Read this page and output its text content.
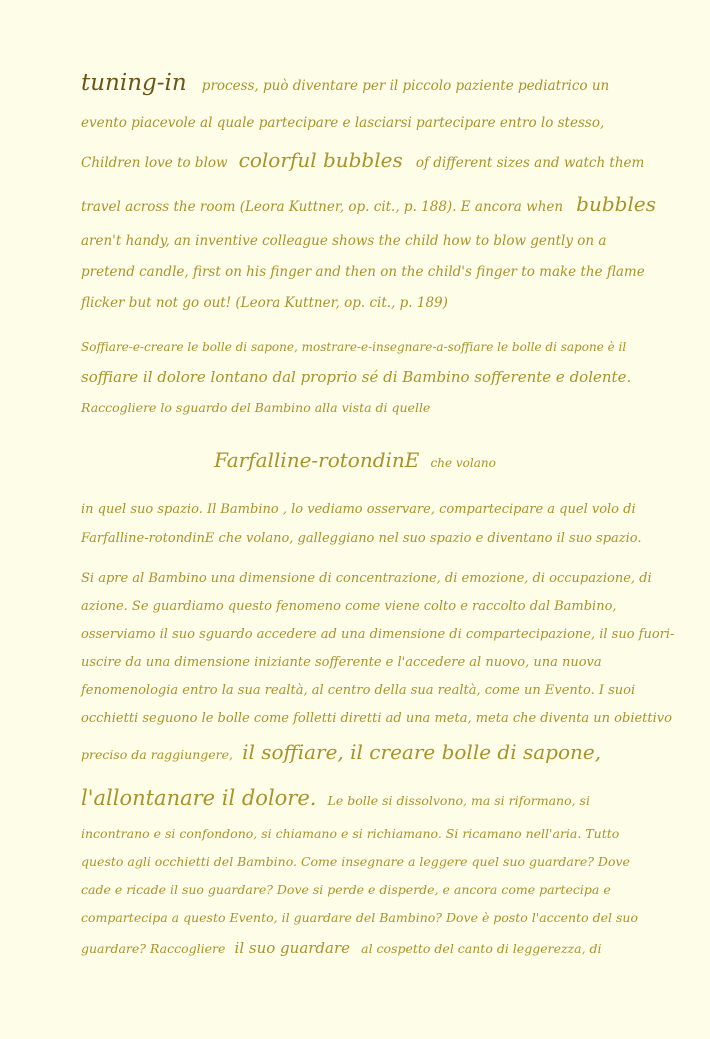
tuning-in process, può diventare per il piccolo paziente pediatrico un
evento piacevole al quale partecipare e lasciarsi partecipare entro lo stesso,
Children love to blow colorful bubbles of different sizes and watch them
travel across the room (Leora Kuttner, op. cit., p. 188). E ancora when bubbles
aren't handy, an inventive colleague shows the child how to blow gently on a
pretend candle, first on his finger and then on the child's finger to make the flame
flicker but not go out! (Leora Kuttner, op. cit., p. 189)
Soffiare-e-creare le bolle di sapone, mostrare-e-insegnare-a-soffiare le bolle di sapone è il
soffiare il dolore lontano dal proprio sé di Bambino sofferente e dolente.
Raccogliere lo sguardo del Bambino alla vista di quelle
Farfalline-rotondinE che volano
in quel suo spazio. Il Bambino , lo vediamo osservare, compartecipare a quel volo di
Farfalline-rotondinE che volano, galleggiano nel suo spazio e diventano il suo spazio.
Si apre al Bambino una dimensione di concentrazione, di emozione, di occupazione, di
azione. Se guardiamo questo fenomeno come viene colto e raccolto dal Bambino,
osserviamo il suo sguardo accedere ad una dimensione di compartecipazione, il suo fuori-
uscire da una dimensione iniziante sofferente e l'accedere al nuovo, una nuova
fenomenologia entro la sua realtà, al centro della sua realtà, come un Evento. I suoi
occhietti seguono le bolle come folletti diretti ad una meta, meta che diventa un obiettivo
preciso da raggiungere, il soffiare, il creare bolle di sapone,
l'allontanare il dolore. Le bolle si dissolvono, ma si riformano, si
incontrano e si confondono, si chiamano e si richiamano. Si ricamano nell'aria. Tutto
questo agli occhietti del Bambino. Come insegnare a leggere quel suo guardare? Dove
cade e ricade il suo guardare? Dove si perde e disperde, e ancora come partecipa e
compartecipa a questo Evento, il guardare del Bambino? Dove è posto l'accento del suo
guardare? Raccogliere il suo guardare al cospetto del canto di leggerezza, di
